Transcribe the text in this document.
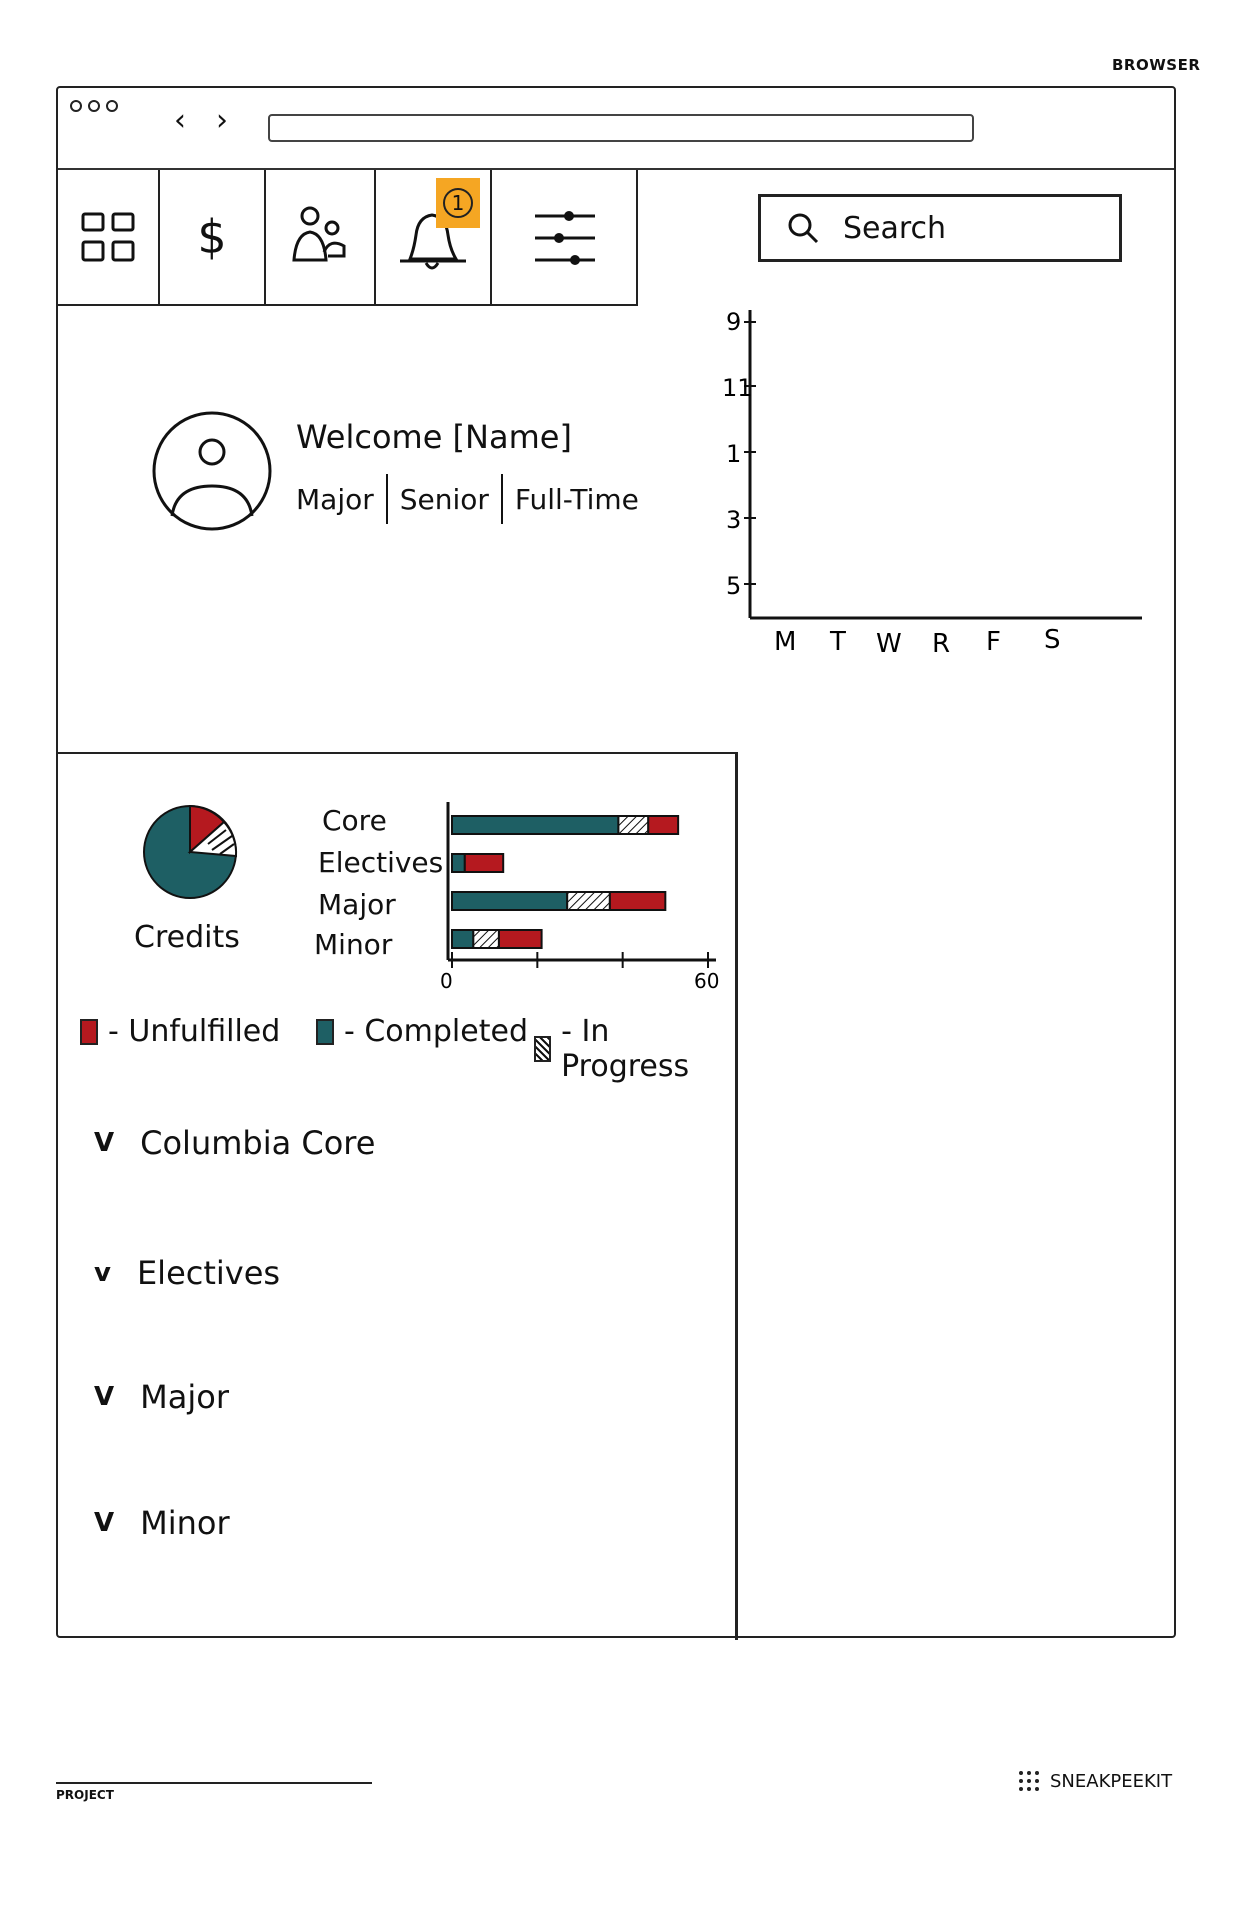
BROWSER
‹ ›
$
1
Search
Welcome [Name]
Major Senior Full-Time
9
11
1
3
5
M T W R F S
Credits
Core
Electives
Major
Minor
0	60
- Unfulfilled - Completed - In Progress
V Columbia Core
v Electives
V Major
V Minor
PROJECT
SNEAKPEEKIT
